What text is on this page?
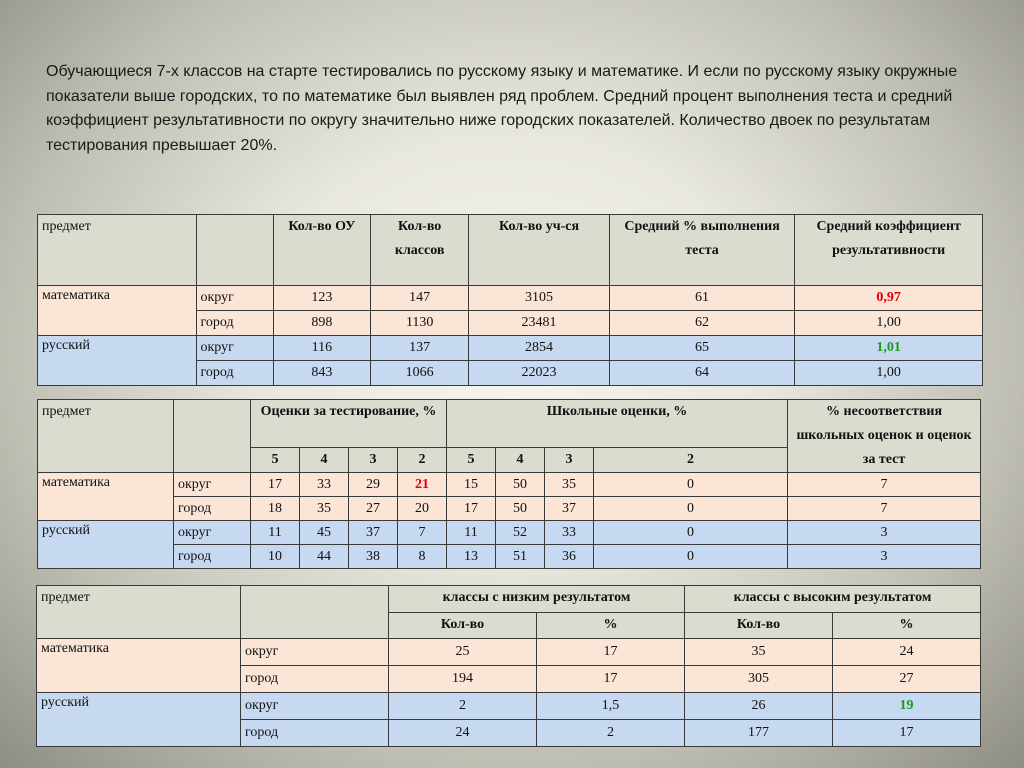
Обучающиеся 7-х классов на старте тестировались по русскому языку и математике. И если по русскому языку окружные показатели выше городских, то по математике был выявлен ряд проблем. Средний процент выполнения теста и средний коэффициент результативности по округу значительно ниже городских показателей. Количество двоек по результатам тестирования превышает 20%.

предмет		Кол-во ОУ	Кол-во классов	Кол-во уч-ся	Средний % выполнения теста	Средний коэффициент результативности
математика	округ	123	147	3105	61	0,97
	город	898	1130	23481	62	1,00
русский	округ	116	137	2854	65	1,01
	город	843	1066	22023	64	1,00
предмет		Оценки за тестирование, %				Школьные оценки, %				% несоответствия школьных оценок и оценок за тест
		5	4	3	2	5	4	3	2	
математика	округ	17	33	29	21	15	50	35	0	7
	город	18	35	27	20	17	50	37	0	7
русский	округ	11	45	37	7	11	52	33	0	3
	город	10	44	38	8	13	51	36	0	3
предмет		классы с низким результатом		классы с высоким результатом	
		Кол-во	%	Кол-во	%
математика	округ	25	17	35	24
	город	194	17	305	27
русский	округ	2	1,5	26	19
	город	24	2	177	17
